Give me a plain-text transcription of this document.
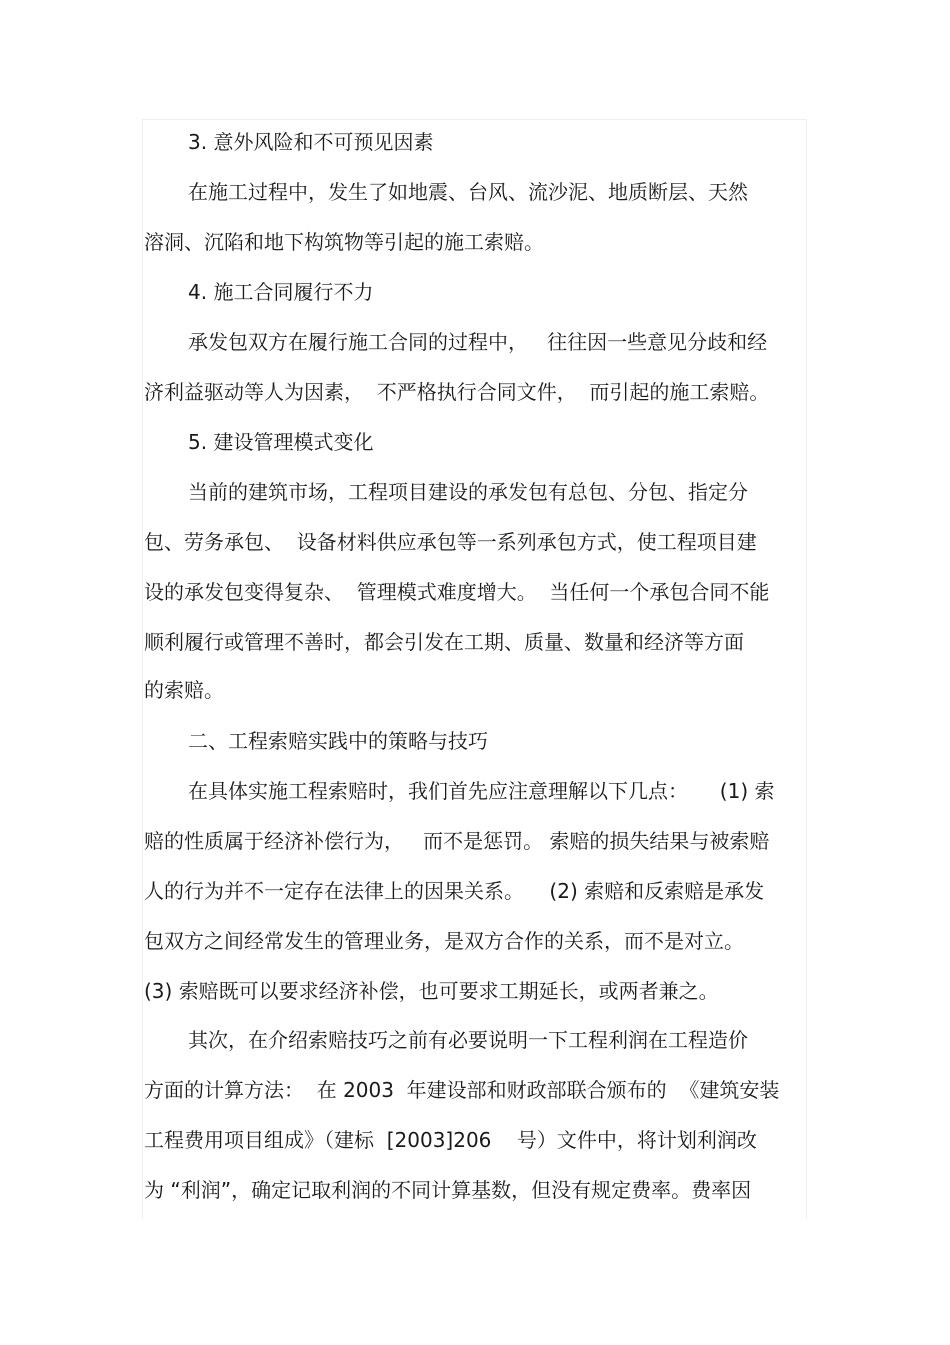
3. 意外风险和不可预见因素
在施工过程中，发生了如地震、台风、流沙泥、地质断层、天然
溶洞、沉陷和地下构筑物等引起的施工索赔。
4. 施工合同履行不力
承发包双方在履行施工合同的过程中，   往往因一些意见分歧和经
济利益驱动等人为因素，  不严格执行合同文件，  而引起的施工索赔。
5. 建设管理模式变化
当前的建筑市场，工程项目建设的承发包有总包、分包、指定分
包、劳务承包、  设备材料供应承包等一系列承包方式，使工程项目建
设的承发包变得复杂、  管理模式难度增大。  当任何一个承包合同不能
顺利履行或管理不善时，都会引发在工期、质量、数量和经济等方面
的索赔。
二、工程索赔实践中的策略与技巧
在具体实施工程索赔时，我们首先应注意理解以下几点：     (1) 索
赔的性质属于经济补偿行为，   而不是惩罚。 索赔的损失结果与被索赔
人的行为并不一定存在法律上的因果关系。    (2) 索赔和反索赔是承发
包双方之间经常发生的管理业务，是双方合作的关系，而不是对立。
(3) 索赔既可以要求经济补偿，也可要求工期延长，或两者兼之。
其次，在介绍索赔技巧之前有必要说明一下工程利润在工程造价
方面的计算方法：  在 2003  年建设部和财政部联合颁布的  《建筑安装
工程费用项目组成》（建标  [2003]206    号）文件中，将计划利润改
为 “利润”，确定记取利润的不同计算基数，但没有规定费率。费率因
